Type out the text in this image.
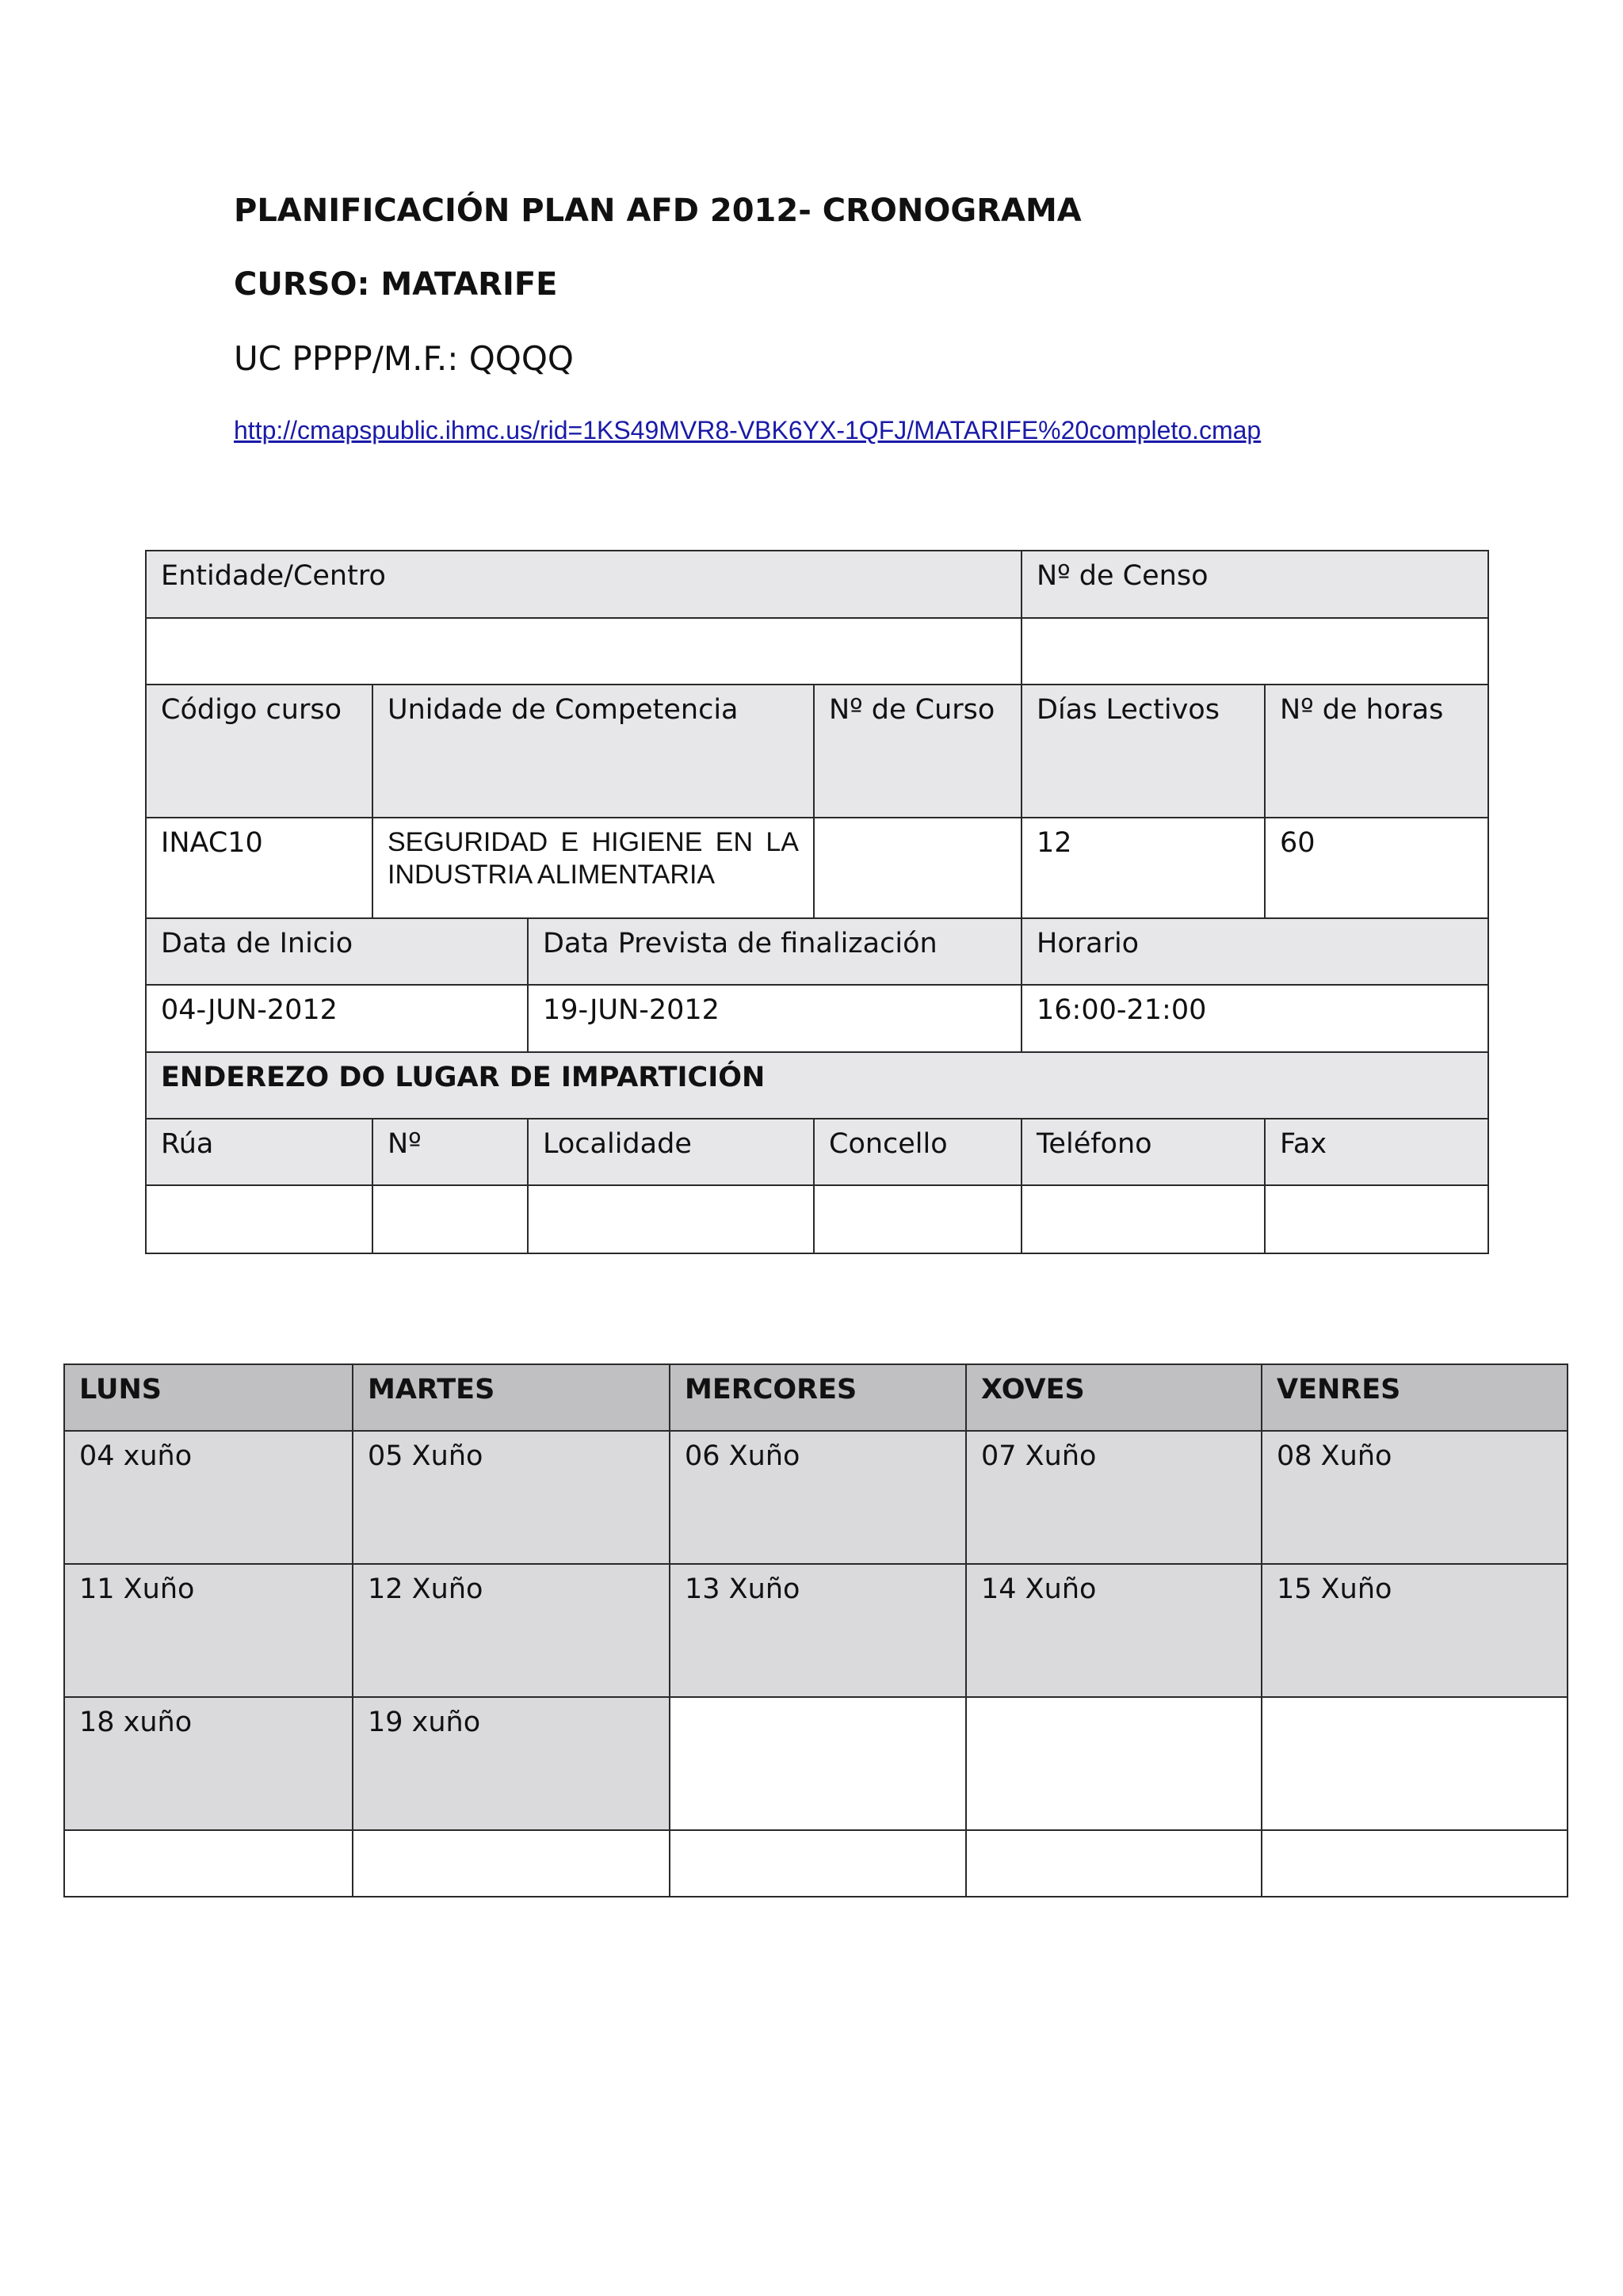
PLANIFICACIÓN PLAN AFD 2012- CRONOGRAMA

CURSO: MATARIFE

UC PPPP/M.F.: QQQQ

http://cmapspublic.ihmc.us/rid=1KS49MVR8-VBK6YX-1QFJ/MATARIFE%20completo.cmap
Entidade/Centro				Nº de Censo	

Código curso	Unidade de Competencia		Nº de Curso	Días Lectivos	Nº de horas
INAC10	SEGURIDAD E HIGIENE EN LA INDUSTRIA ALIMENTARIA			12	60
Data de Inicio		Data Prevista de finalización		Horario	
04-JUN-2012		19-JUN-2012		16:00-21:00	
ENDEREZO DO LUGAR DE IMPARTICIÓN					
Rúa	Nº	Localidade	Concello	Teléfono	Fax

LUNS	MARTES	MERCORES	XOVES	VENRES
04 xuño	05 Xuño	06 Xuño	07 Xuño	08 Xuño
11 Xuño	12 Xuño	13 Xuño	14 Xuño	15 Xuño
18 xuño	19 xuño			
